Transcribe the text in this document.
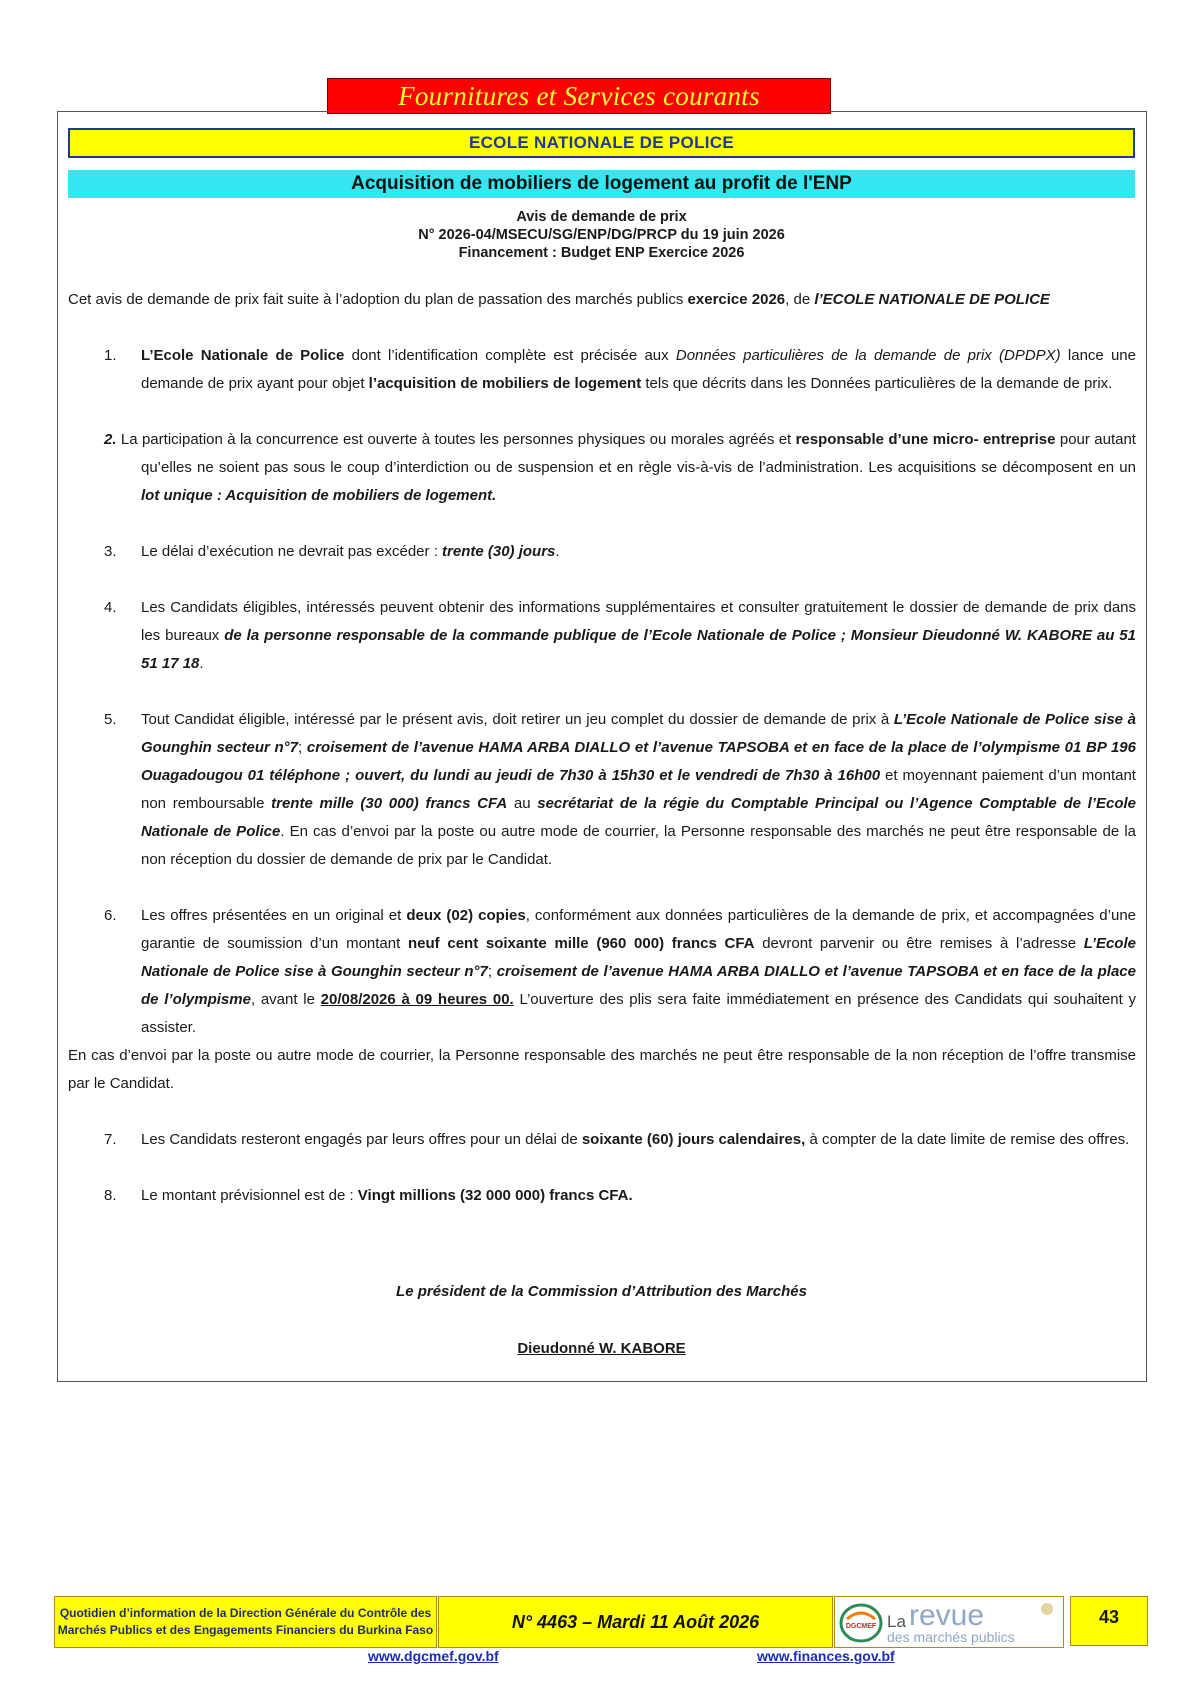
Fournitures et Services courants
ECOLE NATIONALE DE POLICE
Acquisition de mobiliers de logement au profit de l'ENP
Avis de demande de prix
N° 2026-04/MSECU/SG/ENP/DG/PRCP du 19 juin 2026
Financement : Budget ENP Exercice 2026

Cet avis de demande de prix fait suite à l’adoption du plan de passation des marchés publics exercice 2026, de l’ECOLE NATIONALE DE POLICE

1. L’Ecole Nationale de Police dont l’identification complète est précisée aux Données particulières de la demande de prix (DPDPX) lance une demande de prix ayant pour objet l’acquisition de mobiliers de logement tels que décrits dans les Données particulières de la demande de prix.

2. La participation à la concurrence est ouverte à toutes les personnes physiques ou morales agréés et responsable d’une micro- entreprise pour autant qu’elles ne soient pas sous le coup d’interdiction ou de suspension et en règle vis-à-vis de l’administration. Les acquisitions se décomposent en un lot unique : Acquisition de mobiliers de logement.

3. Le délai d’exécution ne devrait pas excéder : trente (30) jours.

4. Les Candidats éligibles, intéressés peuvent obtenir des informations supplémentaires et consulter gratuitement le dossier de demande de prix dans les bureaux de la personne responsable de la commande publique de l’Ecole Nationale de Police ; Monsieur Dieudonné W. KABORE au 51 51 17 18.

5. Tout Candidat éligible, intéressé par le présent avis, doit retirer un jeu complet du dossier de demande de prix à L’Ecole Nationale de Police sise à Gounghin secteur n°7; croisement de l’avenue HAMA ARBA DIALLO et l’avenue TAPSOBA et en face de la place de l’olympisme 01 BP 196 Ouagadougou 01 téléphone ; ouvert, du lundi au jeudi de 7h30 à 15h30 et le vendredi de 7h30 à 16h00 et moyennant paiement d’un montant non remboursable trente mille (30 000) francs CFA au secrétariat de la régie du Comptable Principal ou l’Agence Comptable de l’Ecole Nationale de Police. En cas d’envoi par la poste ou autre mode de courrier, la Personne responsable des marchés ne peut être responsable de la non réception du dossier de demande de prix par le Candidat.

6. Les offres présentées en un original et deux (02) copies, conformément aux données particulières de la demande de prix, et accompagnées d’une garantie de soumission d’un montant neuf cent soixante mille (960 000) francs CFA devront parvenir ou être remises à l’adresse L’Ecole Nationale de Police sise à Gounghin secteur n°7; croisement de l’avenue HAMA ARBA DIALLO et l’avenue TAPSOBA et en face de la place de l’olympisme, avant le 20/08/2026 à 09 heures 00. L’ouverture des plis sera faite immédiatement en présence des Candidats qui souhaitent y assister.

En cas d’envoi par la poste ou autre mode de courrier, la Personne responsable des marchés ne peut être responsable de la non réception de l’offre transmise par le Candidat.

7. Les Candidats resteront engagés par leurs offres pour un délai de soixante (60) jours calendaires, à compter de la date limite de remise des offres.

8. Le montant prévisionnel est de : Vingt millions (32 000 000) francs CFA.

Le président de la Commission d’Attribution des Marchés
Dieudonné W. KABORE
Quotidien d’information de la Direction Générale du Contrôle des
Marchés Publics et des Engagements Financiers du Burkina Faso	N° 4463 – Mardi 11 Août 2026	DGCMEF La revue
des marchés publics
43
www.dgcmef.gov.bf	www.finances.gov.bf
